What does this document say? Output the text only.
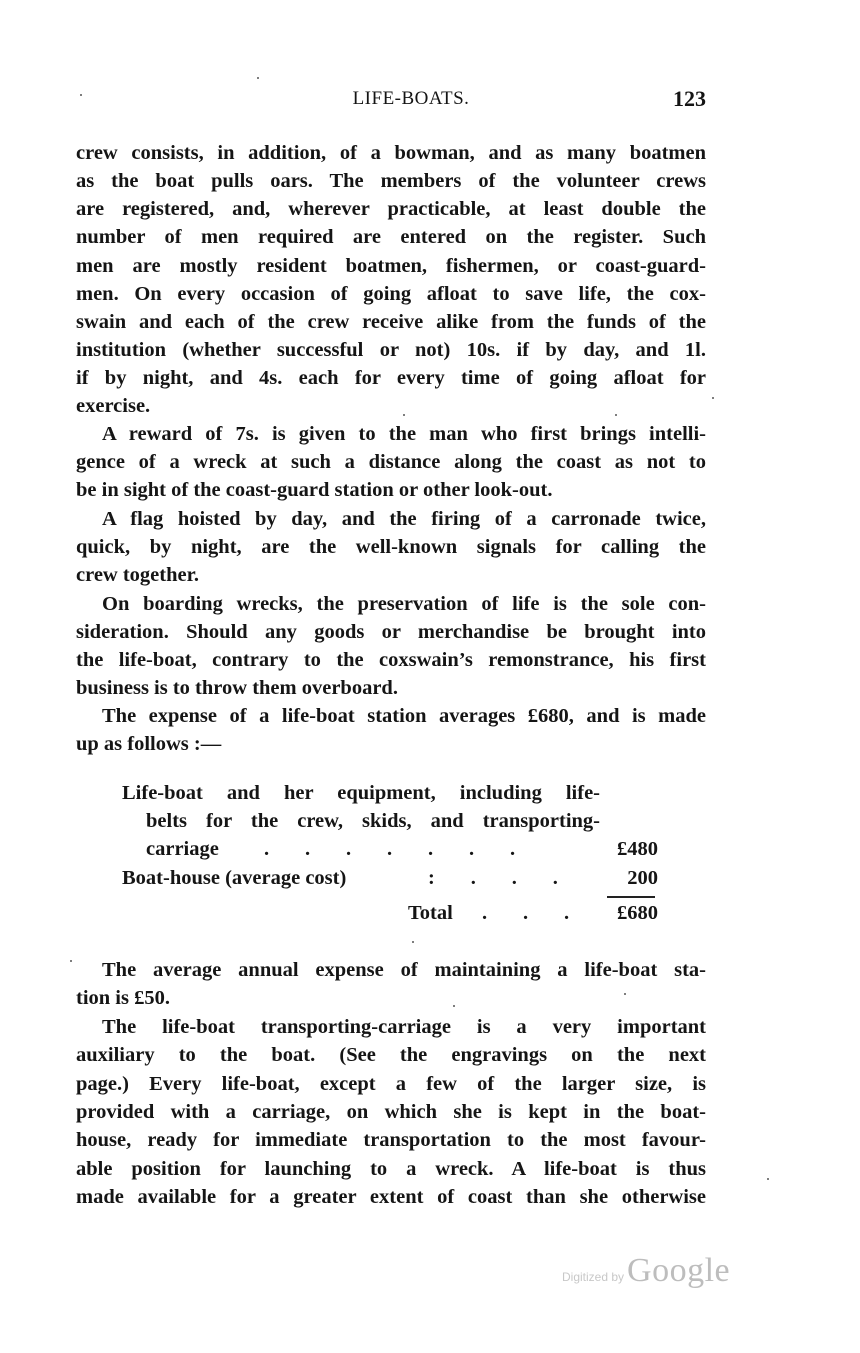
LIFE-BOATS.	123
crew consists, in addition, of a bowman, and as many boatmen
as the boat pulls oars. The members of the volunteer crews
are registered, and, wherever practicable, at least double the
number of men required are entered on the register. Such
men are mostly resident boatmen, fishermen, or coast-guard-
men. On every occasion of going afloat to save life, the cox-
swain and each of the crew receive alike from the funds of the
institution (whether successful or not) 10s. if by day, and 1l.
if by night, and 4s. each for every time of going afloat for
exercise.
A reward of 7s. is given to the man who first brings intelli-
gence of a wreck at such a distance along the coast as not to
be in sight of the coast-guard station or other look-out.
A flag hoisted by day, and the firing of a carronade twice,
quick, by night, are the well-known signals for calling the
crew together.
On boarding wrecks, the preservation of life is the sole con-
sideration. Should any goods or merchandise be brought into
the life-boat, contrary to the coxswain’s remonstrance, his first
business is to throw them overboard.
The expense of a life-boat station averages £680, and is made
up as follows :—
Life-boat and her equipment, including life-
belts for the crew, skids, and transporting-
carriage .       .       .       .       .       .       .	£480
Boat-house (average cost)	:       .       .       .	200
Total .       .       .	£680
The average annual expense of maintaining a life-boat sta-
tion is £50.
The life-boat transporting-carriage is a very important
auxiliary to the boat. (See the engravings on the next
page.) Every life-boat, except a few of the larger size, is
provided with a carriage, on which she is kept in the boat-
house, ready for immediate transportation to the most favour-
able position for launching to a wreck. A life-boat is thus
made available for a greater extent of coast than she otherwise
Digitized byGoogle
